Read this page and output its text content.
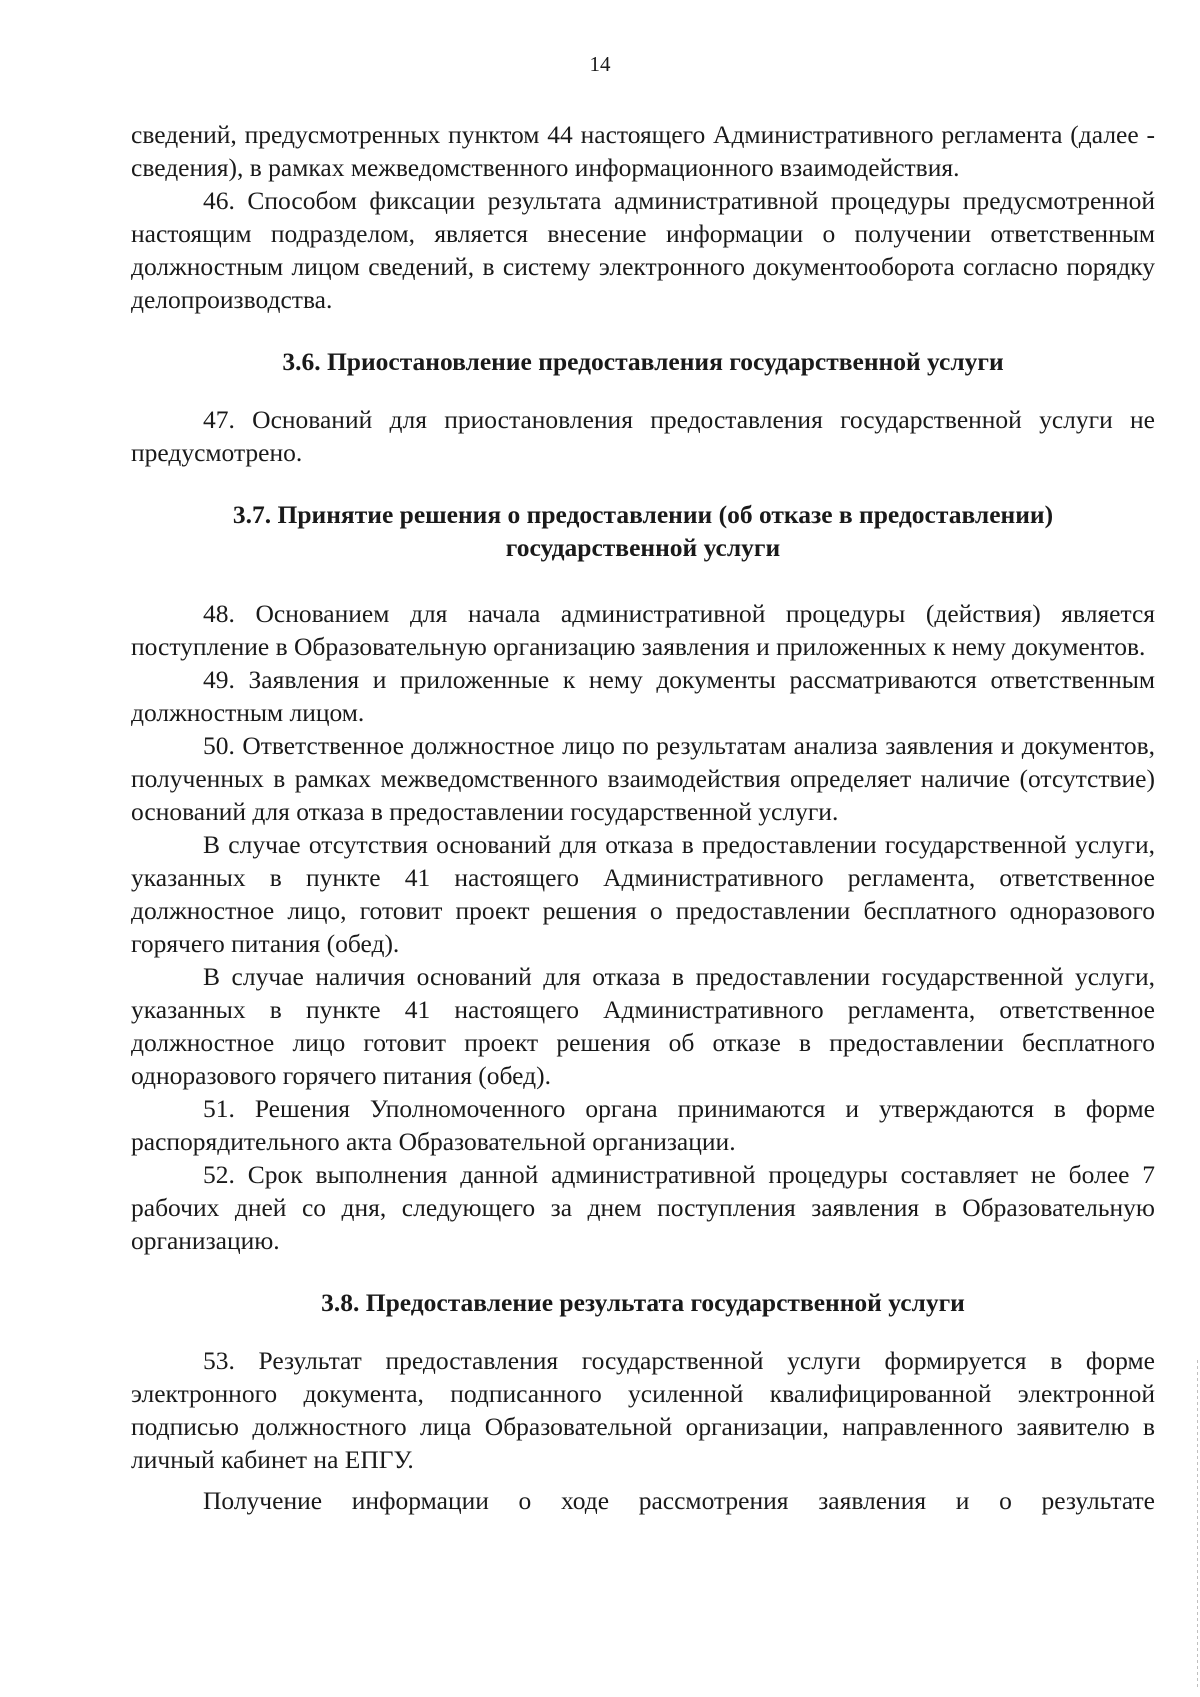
14

сведений, предусмотренных пунктом 44 настоящего Административного регламента (далее - сведения), в рамках межведомственного информационного взаимодействия.

46. Способом фиксации результата административной процедуры предусмотренной настоящим подразделом, является внесение информации о получении ответственным должностным лицом сведений, в систему электронного документооборота согласно порядку делопроизводства.

3.6. Приостановление предоставления государственной услуги

47. Оснований для приостановления предоставления государственной услуги не предусмотрено.

3.7. Принятие решения о предоставлении (об отказе в предоставлении)
государственной услуги

48. Основанием для начала административной процедуры (действия) является поступление в Образовательную организацию заявления и приложенных к нему документов.

49. Заявления и приложенные к нему документы рассматриваются ответственным должностным лицом.

50. Ответственное должностное лицо по результатам анализа заявления и документов, полученных в рамках межведомственного взаимодействия определяет наличие (отсутствие) оснований для отказа в предоставлении государственной услуги.

В случае отсутствия оснований для отказа в предоставлении государственной услуги, указанных в пункте 41 настоящего Административного регламента, ответственное должностное лицо, готовит проект решения о предоставлении бесплатного одноразового горячего питания (обед).

В случае наличия оснований для отказа в предоставлении государственной услуги, указанных в пункте 41 настоящего Административного регламента, ответственное должностное лицо готовит проект решения об отказе в предоставлении бесплатного одноразового горячего питания (обед).

51. Решения Уполномоченного органа принимаются и утверждаются в форме распорядительного акта Образовательной организации.

52. Срок выполнения данной административной процедуры составляет не более 7 рабочих дней со дня, следующего за днем поступления заявления в Образовательную организацию.

3.8. Предоставление результата государственной услуги

53. Результат предоставления государственной услуги формируется в форме электронного документа, подписанного усиленной квалифицированной электронной подписью должностного лица Образовательной организации, направленного заявителю в личный кабинет на ЕПГУ.

Получение информации о ходе рассмотрения заявления и о результате
